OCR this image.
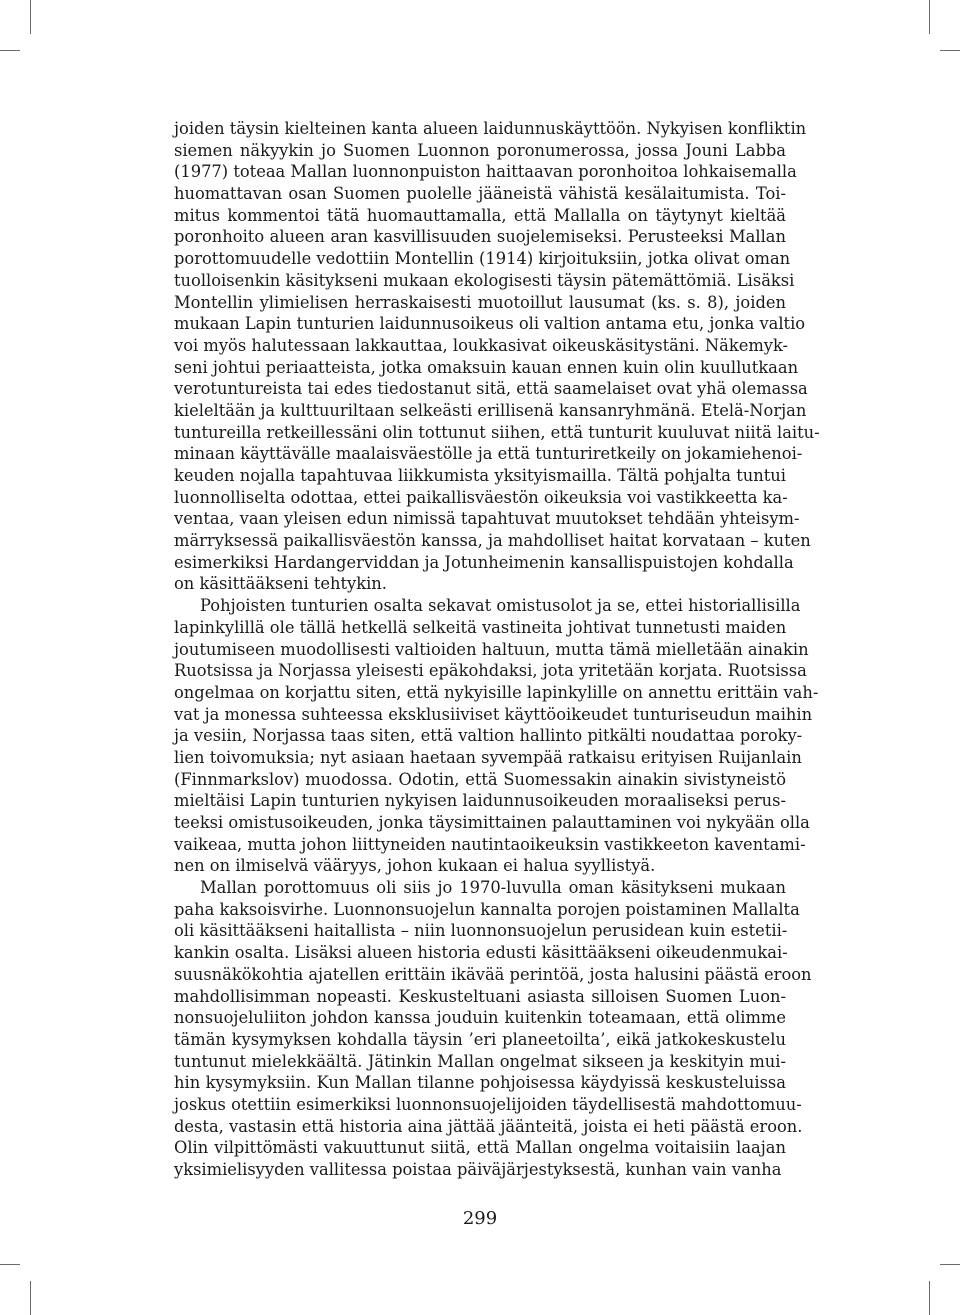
joiden täysin kielteinen kanta alueen laidunnuskäyttöön. Nykyisen konfliktin
siemen näkyykin jo Suomen Luonnon poronumerossa, jossa Jouni Labba
(1977) toteaa Mallan luonnonpuiston haittaavan poronhoitoa lohkaisemalla
huomattavan osan Suomen puolelle jääneistä vähistä kesälaitumista. Toi-
mitus kommentoi tätä huomauttamalla, että Mallalla on täytynyt kieltää
poronhoito alueen aran kasvillisuuden suojelemiseksi. Perusteeksi Mallan
porottomuudelle vedottiin Montellin (1914) kirjoituksiin, jotka olivat oman
tuolloisenkin käsitykseni mukaan ekologisesti täysin pätemättömiä. Lisäksi
Montellin ylimielisen herraskaisesti muotoillut lausumat (ks. s. 8), joiden
mukaan Lapin tunturien laidunnusoikeus oli valtion antama etu, jonka valtio
voi myös halutessaan lakkauttaa, loukkasivat oikeuskäsitystäni. Näkemyk-
seni johtui periaatteista, jotka omaksuin kauan ennen kuin olin kuullutkaan
verotuntureista tai edes tiedostanut sitä, että saamelaiset ovat yhä olemassa
kieleltään ja kulttuuriltaan selkeästi erillisenä kansanryhmänä. Etelä-Norjan
tuntureilla retkeillessäni olin tottunut siihen, että tunturit kuuluvat niitä laitu-
minaan käyttävälle maalaisväestölle ja että tunturiretkeily on jokamiehenoi-
keuden nojalla tapahtuvaa liikkumista yksityismailla. Tältä pohjalta tuntui
luonnolliselta odottaa, ettei paikallisväestön oikeuksia voi vastikkeetta ka-
ventaa, vaan yleisen edun nimissä tapahtuvat muutokset tehdään yhteisym-
märryksessä paikallisväestön kanssa, ja mahdolliset haitat korvataan – kuten
esimerkiksi Hardangerviddan ja Jotunheimenin kansallispuistojen kohdalla
on käsittääkseni tehtykin.
Pohjoisten tunturien osalta sekavat omistusolot ja se, ettei historiallisilla
lapinkylillä ole tällä hetkellä selkeitä vastineita johtivat tunnetusti maiden
joutumiseen muodollisesti valtioiden haltuun, mutta tämä mielletään ainakin
Ruotsissa ja Norjassa yleisesti epäkohdaksi, jota yritetään korjata. Ruotsissa
ongelmaa on korjattu siten, että nykyisille lapinkylille on annettu erittäin vah-
vat ja monessa suhteessa eksklusiiviset käyttöoikeudet tunturiseudun maihin
ja vesiin, Norjassa taas siten, että valtion hallinto pitkälti noudattaa poroky-
lien toivomuksia; nyt asiaan haetaan syvempää ratkaisu erityisen Ruijanlain
(Finnmarkslov) muodossa. Odotin, että Suomessakin ainakin sivistyneistö
mieltäisi Lapin tunturien nykyisen laidunnusoikeuden moraaliseksi perus-
teeksi omistusoikeuden, jonka täysimittainen palauttaminen voi nykyään olla
vaikeaa, mutta johon liittyneiden nautintaoikeuksin vastikkeeton kaventami-
nen on ilmiselvä vääryys, johon kukaan ei halua syyllistyä.
Mallan porottomuus oli siis jo 1970-luvulla oman käsitykseni mukaan
paha kaksoisvirhe. Luonnonsuojelun kannalta porojen poistaminen Mallalta
oli käsittääkseni haitallista – niin luonnonsuojelun perusidean kuin estetii-
kankin osalta. Lisäksi alueen historia edusti käsittääkseni oikeudenmukai-
suusnäkökohtia ajatellen erittäin ikävää perintöä, josta halusini päästä eroon
mahdollisimman nopeasti. Keskusteltuani asiasta silloisen Suomen Luon-
nonsuojeluliiton johdon kanssa jouduin kuitenkin toteamaan, että olimme
tämän kysymyksen kohdalla täysin ’eri planeetoilta’, eikä jatkokeskustelu
tuntunut mielekkäältä. Jätinkin Mallan ongelmat sikseen ja keskityin mui-
hin kysymyksiin. Kun Mallan tilanne pohjoisessa käydyissä keskusteluissa
joskus otettiin esimerkiksi luonnonsuojelijoiden täydellisestä mahdottomuu-
desta, vastasin että historia aina jättää jäänteitä, joista ei heti päästä eroon.
Olin vilpittömästi vakuuttunut siitä, että Mallan ongelma voitaisiin laajan
yksimielisyyden vallitessa poistaa päiväjärjestyksestä, kunhan vain vanha
299
